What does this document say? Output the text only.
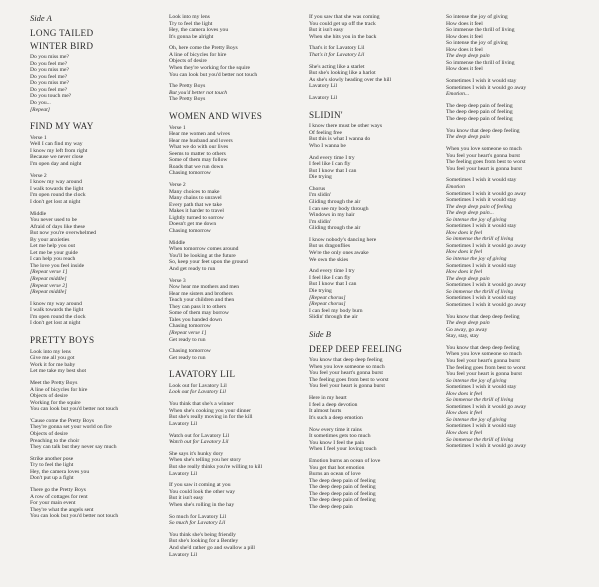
Side A
LONG TAILED
WINTER BIRD
Do you miss me?
Do you feel me?
Do you miss me?
Do you feel me?
Do you miss me?
Do you feel me?
Do you touch me?
Do you...
[Repeat]
FIND MY WAY
Verse 1
Well I can find my way
I know my left from right
Because we never close
I'm open day and night
Verse 2
I know my way around
I walk towards the light
I'm open round the clock
I don't get lost at night
Middle
You never used to be
Afraid of days like these
But now you're overwhelmed
By your anxieties
Let me help you out
Let me be your guide
I can help you reach
The love you feel inside
[Repeat verse 1]
[Repeat middle]
[Repeat verse 2]
[Repeat middle]
I know my way around
I walk towards the light
I'm open round the clock
I don't get lost at night
PRETTY BOYS
Look into my lens
Give me all you got
Work it for me baby
Let me take my best shot
Meet the Pretty Boys
A line of bicycles for hire
Objects of desire
Working for the squire
You can look but you'd better not touch
'Cause come the Pretty Boys
They're gonna set your world on fire
Objects of desire
Preaching to the choir
They can talk but they never say much
Strike another pose
Try to feel the light
Hey, the camera loves you
Don't put up a fight
There go the Pretty Boys
A row of cottages for rent
For your main event
They're what the angels sent
You can look but you'd better not touch
Look into my lens
Try to feel the light
Hey, the camera loves you
It's gonna be alright
Oh, here come the Pretty Boys
A line of bicycles for hire
Objects of desire
When they're working for the squire
You can look but you'd better not touch
The Pretty Boys
But you'd better not touch
The Pretty Boys
WOMEN AND WIVES
Verse 1
Hear me women and wives
Hear me husband and lovers
What we do with our lives
Seems to matter to others
Some of them may follow
Roads that we run down
Chasing tomorrow
Verse 2
Many choices to make
Many chains to unravel
Every path that we take
Makes it harder to travel
Lightly turned to sorrow
Doesn't get me down
Chasing tomorrow
Middle
When tomorrow comes around
You'll be looking at the future
So, keep your feet upon the ground
And get ready to run
Verse 3
Now hear me mothers and men
Hear me sisters and brothers
Teach your children and then
They can pass it to others
Some of them may borrow
Tales you handed down
Chasing tomorrow
[Repeat verse 1]
Get ready to run
Chasing tomorrow
Get ready to run
LAVATORY LIL
Look out for Lavatory Lil
Look out for Lavatory Lil
You think that she's a winner
When she's cooking you your dinner
But she's really moving in for the kill
Lavatory Lil
Watch out for Lavatory Lil
Watch out for Lavatory Lil
She says it's hunky dory
When she's telling you her story
But she really thinks you're willing to kill
Lavatory Lil
If you saw it coming at you
You could look the other way
But it isn't easy
When she's rolling in the hay
So much for Lavatory Lil
So much for Lavatory Lil
You think she's being friendly
But she's looking for a Bentley
And she'd rather go and swallow a pill
Lavatory Lil
If you saw that she was coming
You could get up off the track
But it isn't easy
When she hits you in the back
That's it for Lavatory Lil
That's it for Lavatory Lil
She's acting like a starlet
But she's looking like a harlot
As she's slowly heading over the hill
Lavatory Lil
Lavatory Lil
SLIDIN'
I know there must be other ways
Of feeling free
But this is what I wanna do
Who I wanna be
And every time I try
I feel like I can fly
But I know that I can
Die trying
Chorus
I'm slidin'
Gliding through the air
I can see my body through
Windows in my hair
I'm slidin'
Gliding through the air
I know nobody's dancing here
But us dragonflies
We're the only ones awake
We own the skies
And every time I try
I feel like I can fly
But I know that I can
Die trying
[Repeat chorus]
[Repeat chorus]
I can feel my body burn
Slidin' through the air
Side B
DEEP DEEP FEELING
You know that deep deep feeling
When you love someone so much
You feel your heart's gonna burst
The feeling goes from best to worst
You feel your heart is gonna burst
Here in my heart
I feel a deep devotion
It almost hurts
It's such a deep emotion
Now every time it rains
It sometimes gets too much
You know I feel the pain
When I feel your loving touch
Emotion burns an ocean of love
You get that hot emotion
Burns an ocean of love
The deep deep pain of feeling
The deep deep pain of feeling
The deep deep pain of feeling
The deep deep pain of feeling
The deep deep pain
So intense the joy of giving
How does it feel
So immense the thrill of living
How does it feel
So intense the joy of giving
How does it feel
The deep deep pain
So immense the thrill of living
How does it feel
Sometimes I wish it would stay
Sometimes I wish it would go away
Emotion...
The deep deep pain of feeling
The deep deep pain of feeling
The deep deep pain of feeling
You know that deep deep feeling
The deep deep pain
When you love someone so much
You feel your heart's gonna burst
The feeling goes from best to worst
You feel your heart is gonna burst
Sometimes I wish it would stay
Emotion
Sometimes I wish it would go away
Sometimes I wish it would stay
The deep deep pain of feeling
The deep deep pain...
So intense the joy of giving
Sometimes I wish it would stay
How does it feel
So immense the thrill of living
Sometimes I wish it would go away
How does it feel
So intense the joy of giving
Sometimes I wish it would stay
How does it feel
The deep deep pain
Sometimes I wish it would go away
So immense the thrill of living
Sometimes I wish it would stay
Sometimes I wish it would go away
You know that deep deep feeling
The deep deep pain
Go away, go away
Stay, stay, stay
You know that deep deep feeling
When you love someone so much
You feel your heart's gonna burst
The feeling goes from best to worst
You feel your heart is gonna burst
So intense the joy of giving
Sometimes I wish it would stay
How does it feel
So immense the thrill of living
Sometimes I wish it would go away
How does it feel
So intense the joy of giving
Sometimes I wish it would stay
How does it feel
So immense the thrill of living
Sometimes I wish it would go away
